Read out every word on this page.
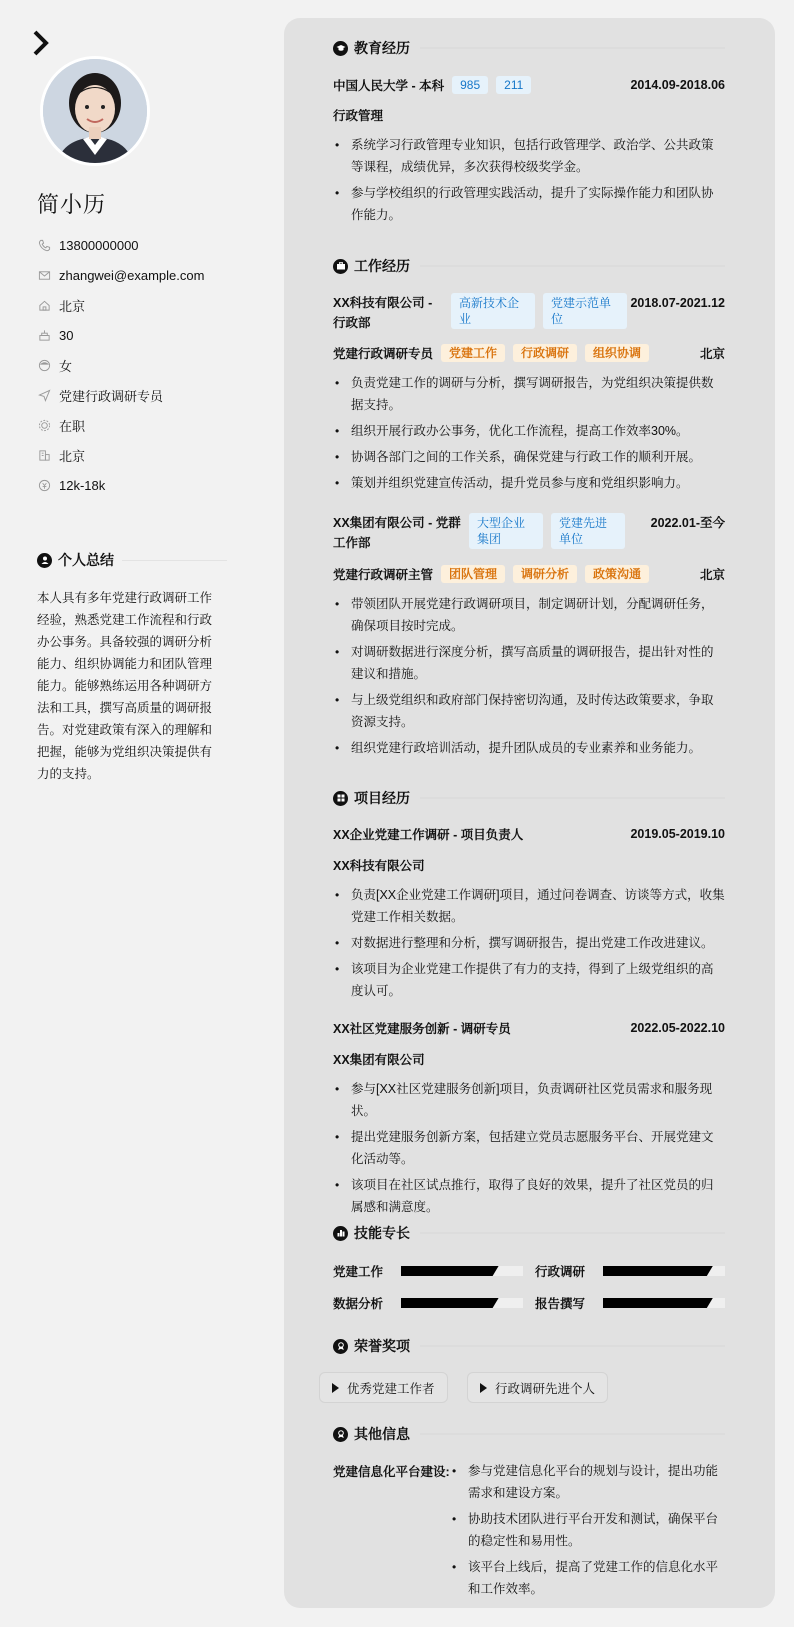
简小历
13800000000
zhangwei@example.com
北京
30
女
党建行政调研专员
在职
北京
12k-18k
个人总结
本人具有多年党建行政调研工作经验，熟悉党建工作流程和行政办公事务。具备较强的调研分析能力、组织协调能力和团队管理能力。能够熟练运用各种调研方法和工具，撰写高质量的调研报告。对党建政策有深入的理解和把握，能够为党组织决策提供有力的支持。
教育经历
中国人民大学 - 本科	985	211	2014.09-2018.06
行政管理
• 系统学习行政管理专业知识，包括行政管理学、政治学、公共政策等课程，成绩优异，多次获得校级奖学金。
• 参与学校组织的行政管理实践活动，提升了实际操作能力和团队协作能力。
工作经历
XX科技有限公司 - 行政部
高新技术企业
党建示范单位
2018.07-2021.12
党建行政调研专员	党建工作	行政调研	组织协调	北京
• 负责党建工作的调研与分析，撰写调研报告，为党组织决策提供数据支持。
• 组织开展行政办公事务，优化工作流程，提高工作效率30%。
• 协调各部门之间的工作关系，确保党建与行政工作的顺利开展。
• 策划并组织党建宣传活动，提升党员参与度和党组织影响力。
XX集团有限公司 - 党群工作部
大型企业集团
党建先进单位
2022.01-至今
党建行政调研主管	团队管理	调研分析	政策沟通	北京
• 带领团队开展党建行政调研项目，制定调研计划，分配调研任务，确保项目按时完成。
• 对调研数据进行深度分析，撰写高质量的调研报告，提出针对性的建议和措施。
• 与上级党组织和政府部门保持密切沟通，及时传达政策要求，争取资源支持。
• 组织党建行政培训活动，提升团队成员的专业素养和业务能力。
项目经历
XX企业党建工作调研 - 项目负责人	2019.05-2019.10
XX科技有限公司
• 负责[XX企业党建工作调研]项目，通过问卷调查、访谈等方式，收集党建工作相关数据。
• 对数据进行整理和分析，撰写调研报告，提出党建工作改进建议。
• 该项目为企业党建工作提供了有力的支持，得到了上级党组织的高度认可。
XX社区党建服务创新 - 调研专员	2022.05-2022.10
XX集团有限公司
• 参与[XX社区党建服务创新]项目，负责调研社区党员需求和服务现状。
• 提出党建服务创新方案，包括建立党员志愿服务平台、开展党建文化活动等。
• 该项目在社区试点推行，取得了良好的效果，提升了社区党员的归属感和满意度。
技能专长
党建工作	行政调研
数据分析	报告撰写
荣誉奖项
优秀党建工作者	行政调研先进个人
其他信息
党建信息化平台建设:
•	参与党建信息化平台的规划与设计，提出功能需求和建设方案。
• 协助技术团队进行平台开发和测试，确保平台的稳定性和易用性。
• 该平台上线后，提高了党建工作的信息化水平和工作效率。
